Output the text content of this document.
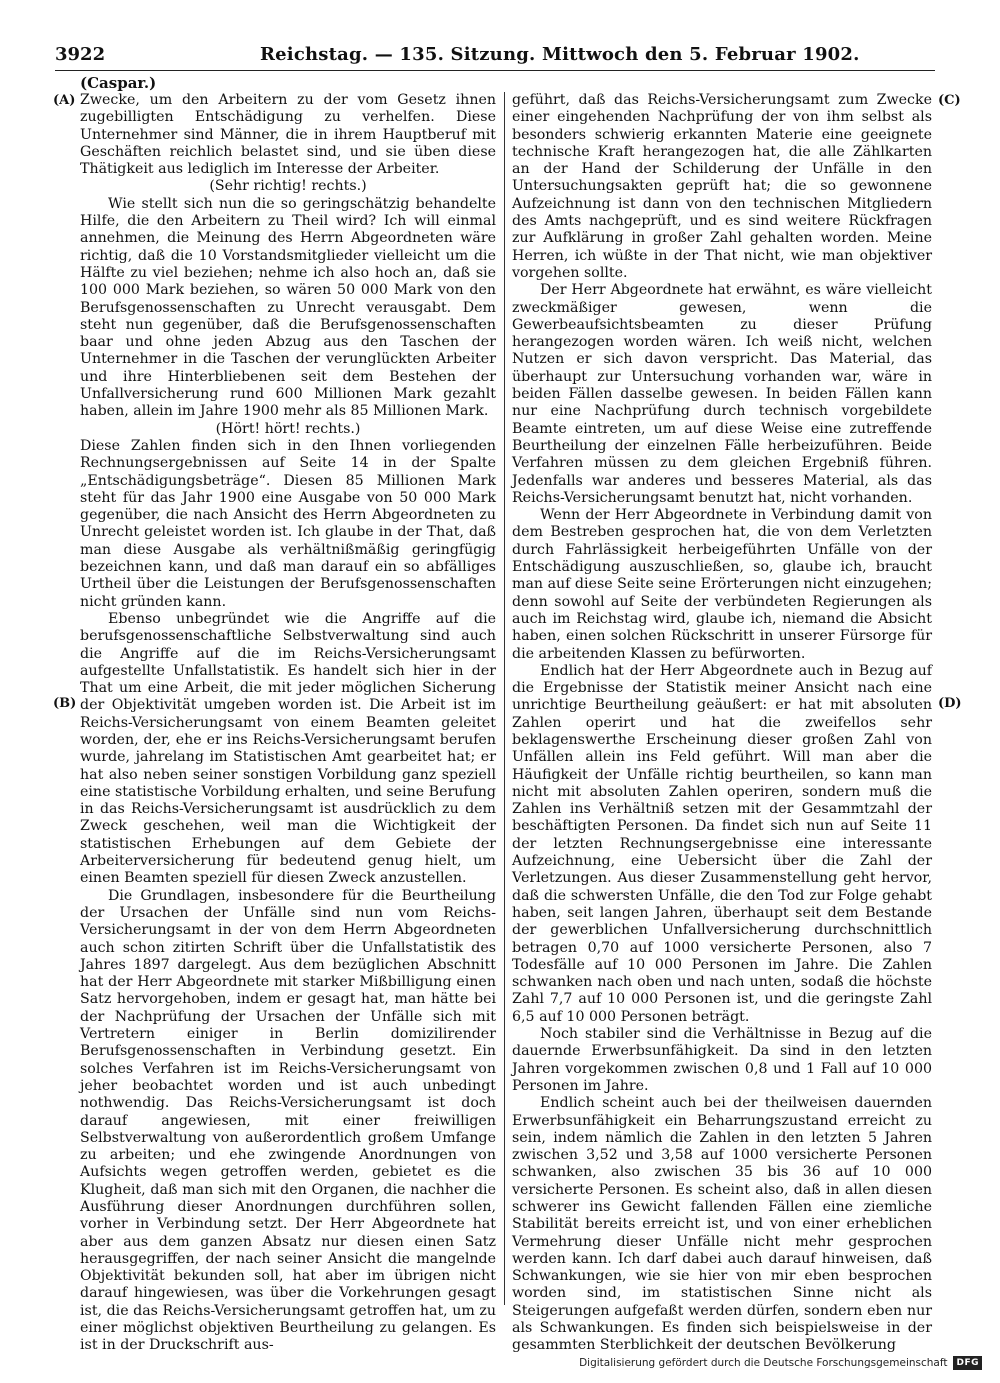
3922	Reichstag. — 135. Sitzung. Mittwoch den 5. Februar 1902.
(Caspar.)
(A)
(B)
(C)
(D)

Zwecke, um den Arbeitern zu der vom Gesetz ihnen zugebilligten Entschädigung zu verhelfen. Diese Unternehmer sind Männer, die in ihrem Hauptberuf mit Geschäften reichlich belastet sind, und sie üben diese Thätigkeit aus lediglich im Interesse der Arbeiter.

(Sehr richtig! rechts.)

Wie stellt sich nun die so geringschätzig behandelte Hilfe, die den Arbeitern zu Theil wird? Ich will einmal annehmen, die Meinung des Herrn Abgeordneten wäre richtig, daß die 10 Vorstandsmitglieder vielleicht um die Hälfte zu viel beziehen; nehme ich also hoch an, daß sie 100 000 Mark beziehen, so wären 50 000 Mark von den Berufsgenossenschaften zu Unrecht verausgabt. Dem steht nun gegenüber, daß die Berufsgenossenschaften baar und ohne jeden Abzug aus den Taschen der Unternehmer in die Taschen der verunglückten Arbeiter und ihre Hinterbliebenen seit dem Bestehen der Unfallversicherung rund 600 Millionen Mark gezahlt haben, allein im Jahre 1900 mehr als 85 Millionen Mark.

(Hört! hört! rechts.)

Diese Zahlen finden sich in den Ihnen vorliegenden Rechnungsergebnissen auf Seite 14 in der Spalte „Entschädigungsbeträge“. Diesen 85 Millionen Mark steht für das Jahr 1900 eine Ausgabe von 50 000 Mark gegenüber, die nach Ansicht des Herrn Abgeordneten zu Unrecht geleistet worden ist. Ich glaube in der That, daß man diese Ausgabe als verhältnißmäßig geringfügig bezeichnen kann, und daß man darauf ein so abfälliges Urtheil über die Leistungen der Berufsgenossenschaften nicht gründen kann.

Ebenso unbegründet wie die Angriffe auf die berufsgenossenschaftliche Selbstverwaltung sind auch die Angriffe auf die im Reichs-Versicherungsamt aufgestellte Unfallstatistik. Es handelt sich hier in der That um eine Arbeit, die mit jeder möglichen Sicherung der Objektivität umgeben worden ist. Die Arbeit ist im Reichs-Versicherungsamt von einem Beamten geleitet worden, der, ehe er ins Reichs-Versicherungsamt berufen wurde, jahrelang im Statistischen Amt gearbeitet hat; er hat also neben seiner sonstigen Vorbildung ganz speziell eine statistische Vorbildung erhalten, und seine Berufung in das Reichs-Versicherungsamt ist ausdrücklich zu dem Zweck geschehen, weil man die Wichtigkeit der statistischen Erhebungen auf dem Gebiete der Arbeiterversicherung für bedeutend genug hielt, um einen Beamten speziell für diesen Zweck anzustellen.

Die Grundlagen, insbesondere für die Beurtheilung der Ursachen der Unfälle sind nun vom Reichs-Versicherungsamt in der von dem Herrn Abgeordneten auch schon zitirten Schrift über die Unfallstatistik des Jahres 1897 dargelegt. Aus dem bezüglichen Abschnitt hat der Herr Abgeordnete mit starker Mißbilligung einen Satz hervorgehoben, indem er gesagt hat, man hätte bei der Nachprüfung der Ursachen der Unfälle sich mit Vertretern einiger in Berlin domizilirender Berufsgenossenschaften in Verbindung gesetzt. Ein solches Verfahren ist im Reichs-Versicherungsamt von jeher beobachtet worden und ist auch unbedingt nothwendig. Das Reichs-Versicherungsamt ist doch darauf angewiesen, mit einer freiwilligen Selbstverwaltung von außerordentlich großem Umfange zu arbeiten; und ehe zwingende Anordnungen von Aufsichts wegen getroffen werden, gebietet es die Klugheit, daß man sich mit den Organen, die nachher die Ausführung dieser Anordnungen durchführen sollen, vorher in Verbindung setzt. Der Herr Abgeordnete hat aber aus dem ganzen Absatz nur diesen einen Satz herausgegriffen, der nach seiner Ansicht die mangelnde Objektivität bekunden soll, hat aber im übrigen nicht darauf hingewiesen, was über die Vorkehrungen gesagt ist, die das Reichs-Versicherungsamt getroffen hat, um zu einer möglichst objektiven Beurtheilung zu gelangen. Es ist in der Druckschrift aus-

geführt, daß das Reichs-Versicherungsamt zum Zwecke einer eingehenden Nachprüfung der von ihm selbst als besonders schwierig erkannten Materie eine geeignete technische Kraft herangezogen hat, die alle Zählkarten an der Hand der Schilderung der Unfälle in den Untersuchungsakten geprüft hat; die so gewonnene Aufzeichnung ist dann von den technischen Mitgliedern des Amts nachgeprüft, und es sind weitere Rückfragen zur Aufklärung in großer Zahl gehalten worden. Meine Herren, ich wüßte in der That nicht, wie man objektiver vorgehen sollte.

Der Herr Abgeordnete hat erwähnt, es wäre vielleicht zweckmäßiger gewesen, wenn die Gewerbeaufsichtsbeamten zu dieser Prüfung herangezogen worden wären. Ich weiß nicht, welchen Nutzen er sich davon verspricht. Das Material, das überhaupt zur Untersuchung vorhanden war, wäre in beiden Fällen dasselbe gewesen. In beiden Fällen kann nur eine Nachprüfung durch technisch vorgebildete Beamte eintreten, um auf diese Weise eine zutreffende Beurtheilung der einzelnen Fälle herbeizuführen. Beide Verfahren müssen zu dem gleichen Ergebniß führen. Jedenfalls war anderes und besseres Material, als das Reichs-Versicherungsamt benutzt hat, nicht vorhanden.

Wenn der Herr Abgeordnete in Verbindung damit von dem Bestreben gesprochen hat, die von dem Verletzten durch Fahrlässigkeit herbeigeführten Unfälle von der Entschädigung auszuschließen, so, glaube ich, braucht man auf diese Seite seine Erörterungen nicht einzugehen; denn sowohl auf Seite der verbündeten Regierungen als auch im Reichstag wird, glaube ich, niemand die Absicht haben, einen solchen Rückschritt in unserer Fürsorge für die arbeitenden Klassen zu befürworten.

Endlich hat der Herr Abgeordnete auch in Bezug auf die Ergebnisse der Statistik meiner Ansicht nach eine unrichtige Beurtheilung geäußert: er hat mit absoluten Zahlen operirt und hat die zweifellos sehr beklagenswerthe Erscheinung dieser großen Zahl von Unfällen allein ins Feld geführt. Will man aber die Häufigkeit der Unfälle richtig beurtheilen, so kann man nicht mit absoluten Zahlen operiren, sondern muß die Zahlen ins Verhältniß setzen mit der Gesammtzahl der beschäftigten Personen. Da findet sich nun auf Seite 11 der letzten Rechnungsergebnisse eine interessante Aufzeichnung, eine Uebersicht über die Zahl der Verletzungen. Aus dieser Zusammenstellung geht hervor, daß die schwersten Unfälle, die den Tod zur Folge gehabt haben, seit langen Jahren, überhaupt seit dem Bestande der gewerblichen Unfallversicherung durchschnittlich betragen 0,70 auf 1000 versicherte Personen, also 7 Todesfälle auf 10 000 Personen im Jahre. Die Zahlen schwanken nach oben und nach unten, sodaß die höchste Zahl 7,7 auf 10 000 Personen ist, und die geringste Zahl 6,5 auf 10 000 Personen beträgt.

Noch stabiler sind die Verhältnisse in Bezug auf die dauernde Erwerbsunfähigkeit. Da sind in den letzten Jahren vorgekommen zwischen 0,8 und 1 Fall auf 10 000 Personen im Jahre.

Endlich scheint auch bei der theilweisen dauernden Erwerbsunfähigkeit ein Beharrungszustand erreicht zu sein, indem nämlich die Zahlen in den letzten 5 Jahren zwischen 3,52 und 3,58 auf 1000 versicherte Personen schwanken, also zwischen 35 bis 36 auf 10 000 versicherte Personen. Es scheint also, daß in allen diesen schwerer ins Gewicht fallenden Fällen eine ziemliche Stabilität bereits erreicht ist, und von einer erheblichen Vermehrung dieser Unfälle nicht mehr gesprochen werden kann. Ich darf dabei auch darauf hinweisen, daß Schwankungen, wie sie hier von mir eben besprochen worden sind, im statistischen Sinne nicht als Steigerungen aufgefaßt werden dürfen, sondern eben nur als Schwankungen. Es finden sich beispielsweise in der gesammten Sterblichkeit der deutschen Bevölkerung

Digitalisierung gefördert durch die Deutsche Forschungsgemeinschaft	DFG
